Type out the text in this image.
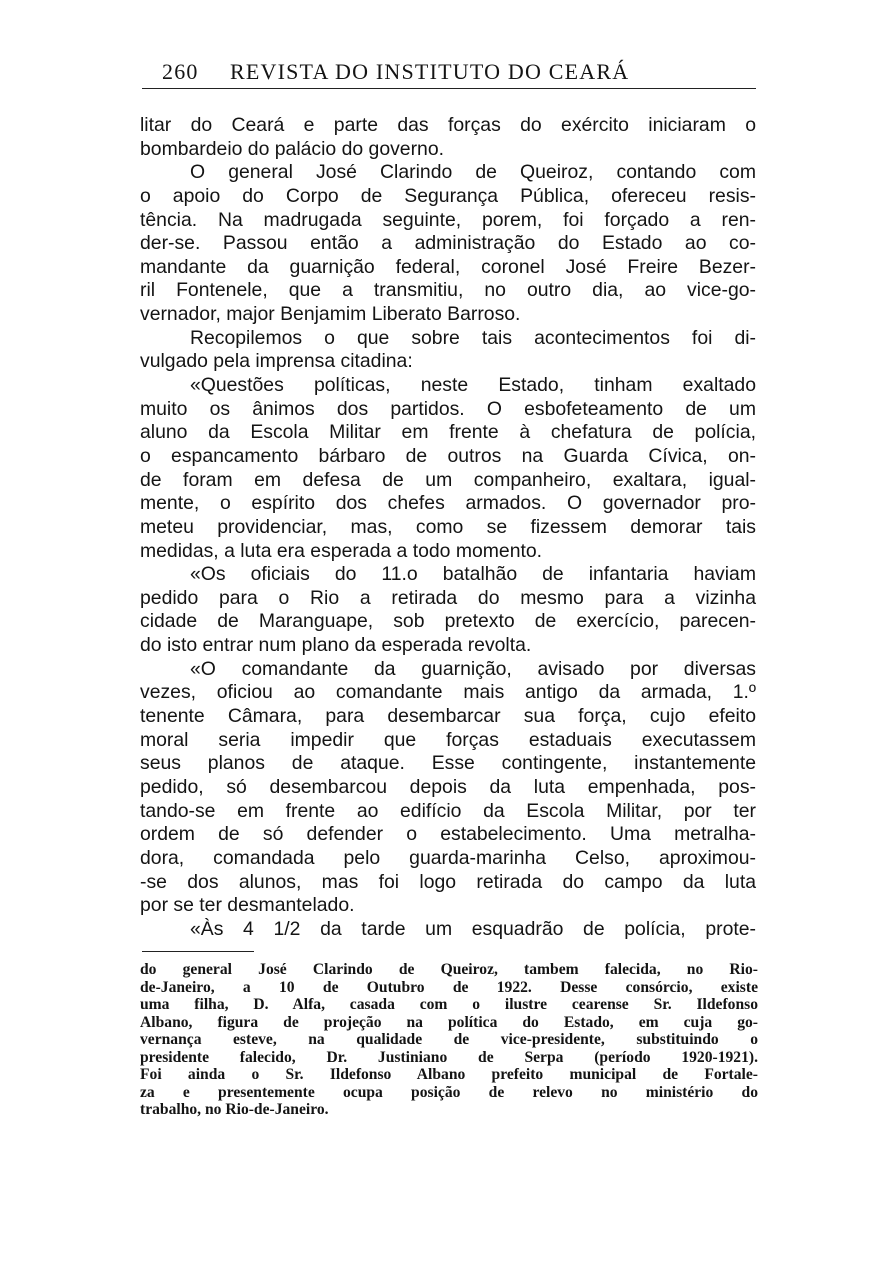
260 REVISTA DO INSTITUTO DO CEARÁ
litar do Ceará e parte das forças do exército iniciaram o
bombardeio do palácio do governo.
O general José Clarindo de Queiroz, contando com
o apoio do Corpo de Segurança Pública, ofereceu resis-
tência. Na madrugada seguinte, porem, foi forçado a ren-
der-se. Passou então a administração do Estado ao co-
mandante da guarnição federal, coronel José Freire Bezer-
ril Fontenele, que a transmitiu, no outro dia, ao vice-go-
vernador, major Benjamim Liberato Barroso.
Recopilemos o que sobre tais acontecimentos foi di-
vulgado pela imprensa citadina:
«Questões políticas, neste Estado, tinham exaltado
muito os ânimos dos partidos. O esbofeteamento de um
aluno da Escola Militar em frente à chefatura de polícia,
o espancamento bárbaro de outros na Guarda Cívica, on-
de foram em defesa de um companheiro, exaltara, igual-
mente, o espírito dos chefes armados. O governador pro-
meteu providenciar, mas, como se fizessem demorar tais
medidas, a luta era esperada a todo momento.
«Os oficiais do 11.o batalhão de infantaria haviam
pedido para o Rio a retirada do mesmo para a vizinha
cidade de Maranguape, sob pretexto de exercício, parecen-
do isto entrar num plano da esperada revolta.
«O comandante da guarnição, avisado por diversas
vezes, oficiou ao comandante mais antigo da armada, 1.º
tenente Câmara, para desembarcar sua força, cujo efeito
moral seria impedir que forças estaduais executassem
seus planos de ataque. Esse contingente, instantemente
pedido, só desembarcou depois da luta empenhada, pos-
tando-se em frente ao edifício da Escola Militar, por ter
ordem de só defender o estabelecimento. Uma metralha-
dora, comandada pelo guarda-marinha Celso, aproximou-
-se dos alunos, mas foi logo retirada do campo da luta
por se ter desmantelado.
«Às 4 1/2 da tarde um esquadrão de polícia, prote-
do general José Clarindo de Queiroz, tambem falecida, no Rio-
de-Janeiro, a 10 de Outubro de 1922. Desse consórcio, existe
uma filha, D. Alfa, casada com o ilustre cearense Sr. Ildefonso
Albano, figura de projeção na política do Estado, em cuja go-
vernança esteve, na qualidade de vice-presidente, substituindo o
presidente falecido, Dr. Justiniano de Serpa (período 1920-1921).
Foi ainda o Sr. Ildefonso Albano prefeito municipal de Fortale-
za e presentemente ocupa posição de relevo no ministério do
trabalho, no Rio-de-Janeiro.
